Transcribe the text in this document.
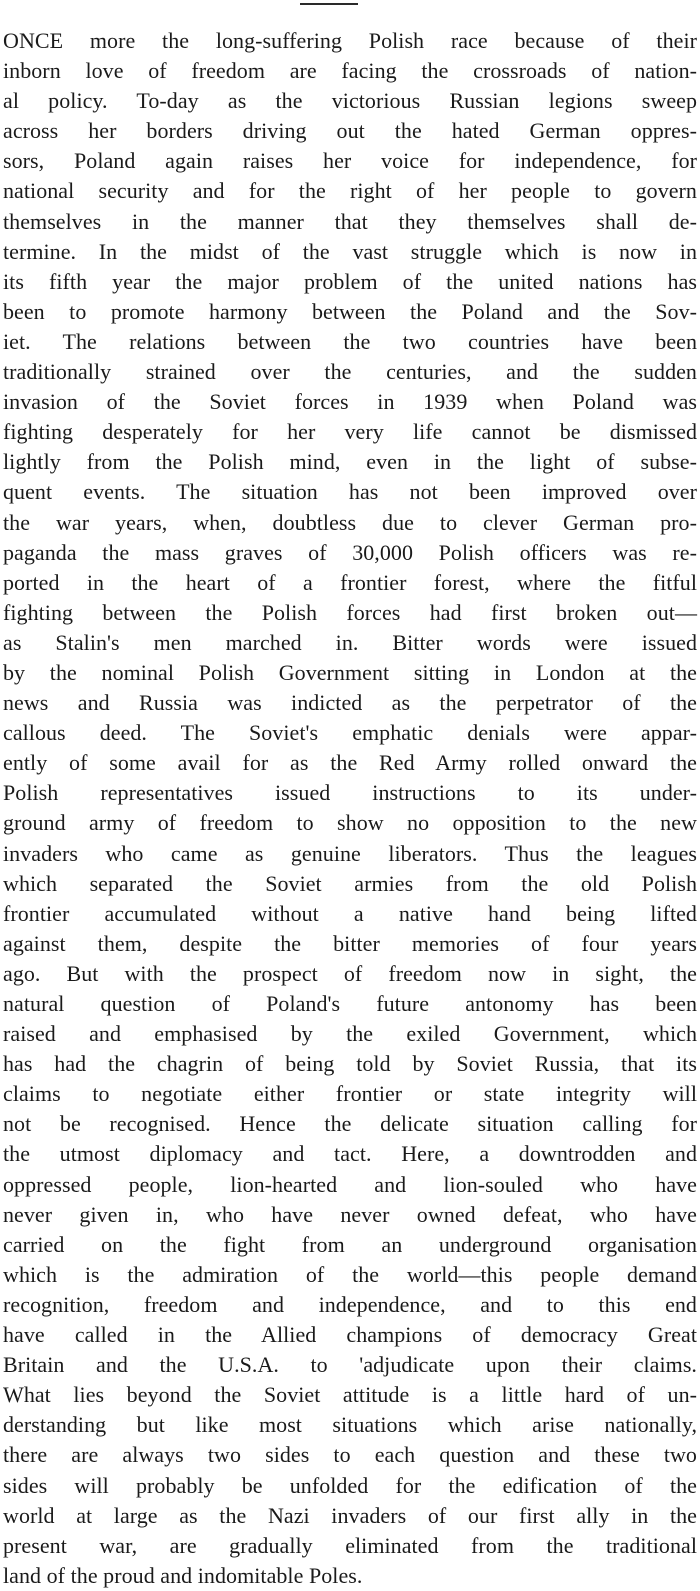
ONCE more the long-suffering Polish race because of their
inborn love of freedom are facing the crossroads of nation-
al policy. To-day as the victorious Russian legions sweep
across her borders driving out the hated German oppres-
sors, Poland again raises her voice for independence, for
national security and for the right of her people to govern
themselves in the manner that they themselves shall de-
termine. In the midst of the vast struggle which is now in
its fifth year the major problem of the united nations has
been to promote harmony between the Poland and the Sov-
iet. The relations between the two countries have been
traditionally strained over the centuries, and the sudden
invasion of the Soviet forces in 1939 when Poland was
fighting desperately for her very life cannot be dismissed
lightly from the Polish mind, even in the light of subse-
quent events. The situation has not been improved over
the war years, when, doubtless due to clever German pro-
paganda the mass graves of 30,000 Polish officers was re-
ported in the heart of a frontier forest, where the fitful
fighting between the Polish forces had first broken out—
as Stalin's men marched in. Bitter words were issued
by the nominal Polish Government sitting in London at the
news and Russia was indicted as the perpetrator of the
callous deed. The Soviet's emphatic denials were appar-
ently of some avail for as the Red Army rolled onward the
Polish representatives issued instructions to its under-
ground army of freedom to show no opposition to the new
invaders who came as genuine liberators. Thus the leagues
which separated the Soviet armies from the old Polish
frontier accumulated without a native hand being lifted
against them, despite the bitter memories of four years
ago. But with the prospect of freedom now in sight, the
natural question of Poland's future antonomy has been
raised and emphasised by the exiled Government, which
has had the chagrin of being told by Soviet Russia, that its
claims to negotiate either frontier or state integrity will
not be recognised. Hence the delicate situation calling for
the utmost diplomacy and tact. Here, a downtrodden and
oppressed people, lion-hearted and lion-souled who have
never given in, who have never owned defeat, who have
carried on the fight from an underground organisation
which is the admiration of the world—this people demand
recognition, freedom and independence, and to this end
have called in the Allied champions of democracy Great
Britain and the U.S.A. to 'adjudicate upon their claims.
What lies beyond the Soviet attitude is a little hard of un-
derstanding but like most situations which arise nationally,
there are always two sides to each question and these two
sides will probably be unfolded for the edification of the
world at large as the Nazi invaders of our first ally in the
present war, are gradually eliminated from the traditional
land of the proud and indomitable Poles.
